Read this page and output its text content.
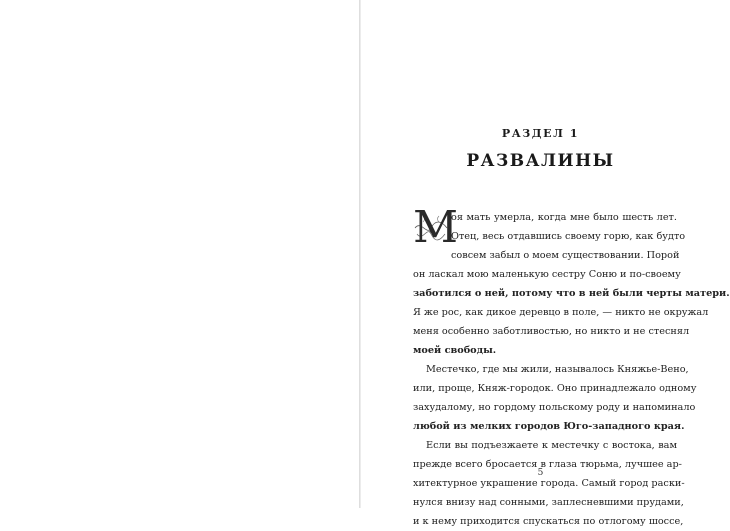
РАЗДЕЛ 1
РАЗВАЛИНЫ
М
оя мать умерла, когда мне было шесть лет.
Отец, весь отдавшись своему горю, как будто
совсем забыл о моем существовании. Порой
он ласкал мою маленькую сестру Соню и по-своему
заботился о ней, потому что в ней были черты матери.
Я же рос, как дикое деревцо в поле, — никто не окружал
меня особенно заботливостью, но никто и не стеснял
моей свободы.
Местечко, где мы жили, называлось Княжье-Вено,
или, проще, Княж-городок. Оно принадлежало одному
захудалому, но гордому польскому роду и напоминало
любой из мелких городов Юго-западного края.
Если вы подъезжаете к местечку с востока, вам
прежде всего бросается в глаза тюрьма, лучшее ар-
хитектурное украшение города. Самый город раски-
нулся внизу над сонными, заплесневшими прудами,
и к нему приходится спускаться по отлогому шоссе,
5
